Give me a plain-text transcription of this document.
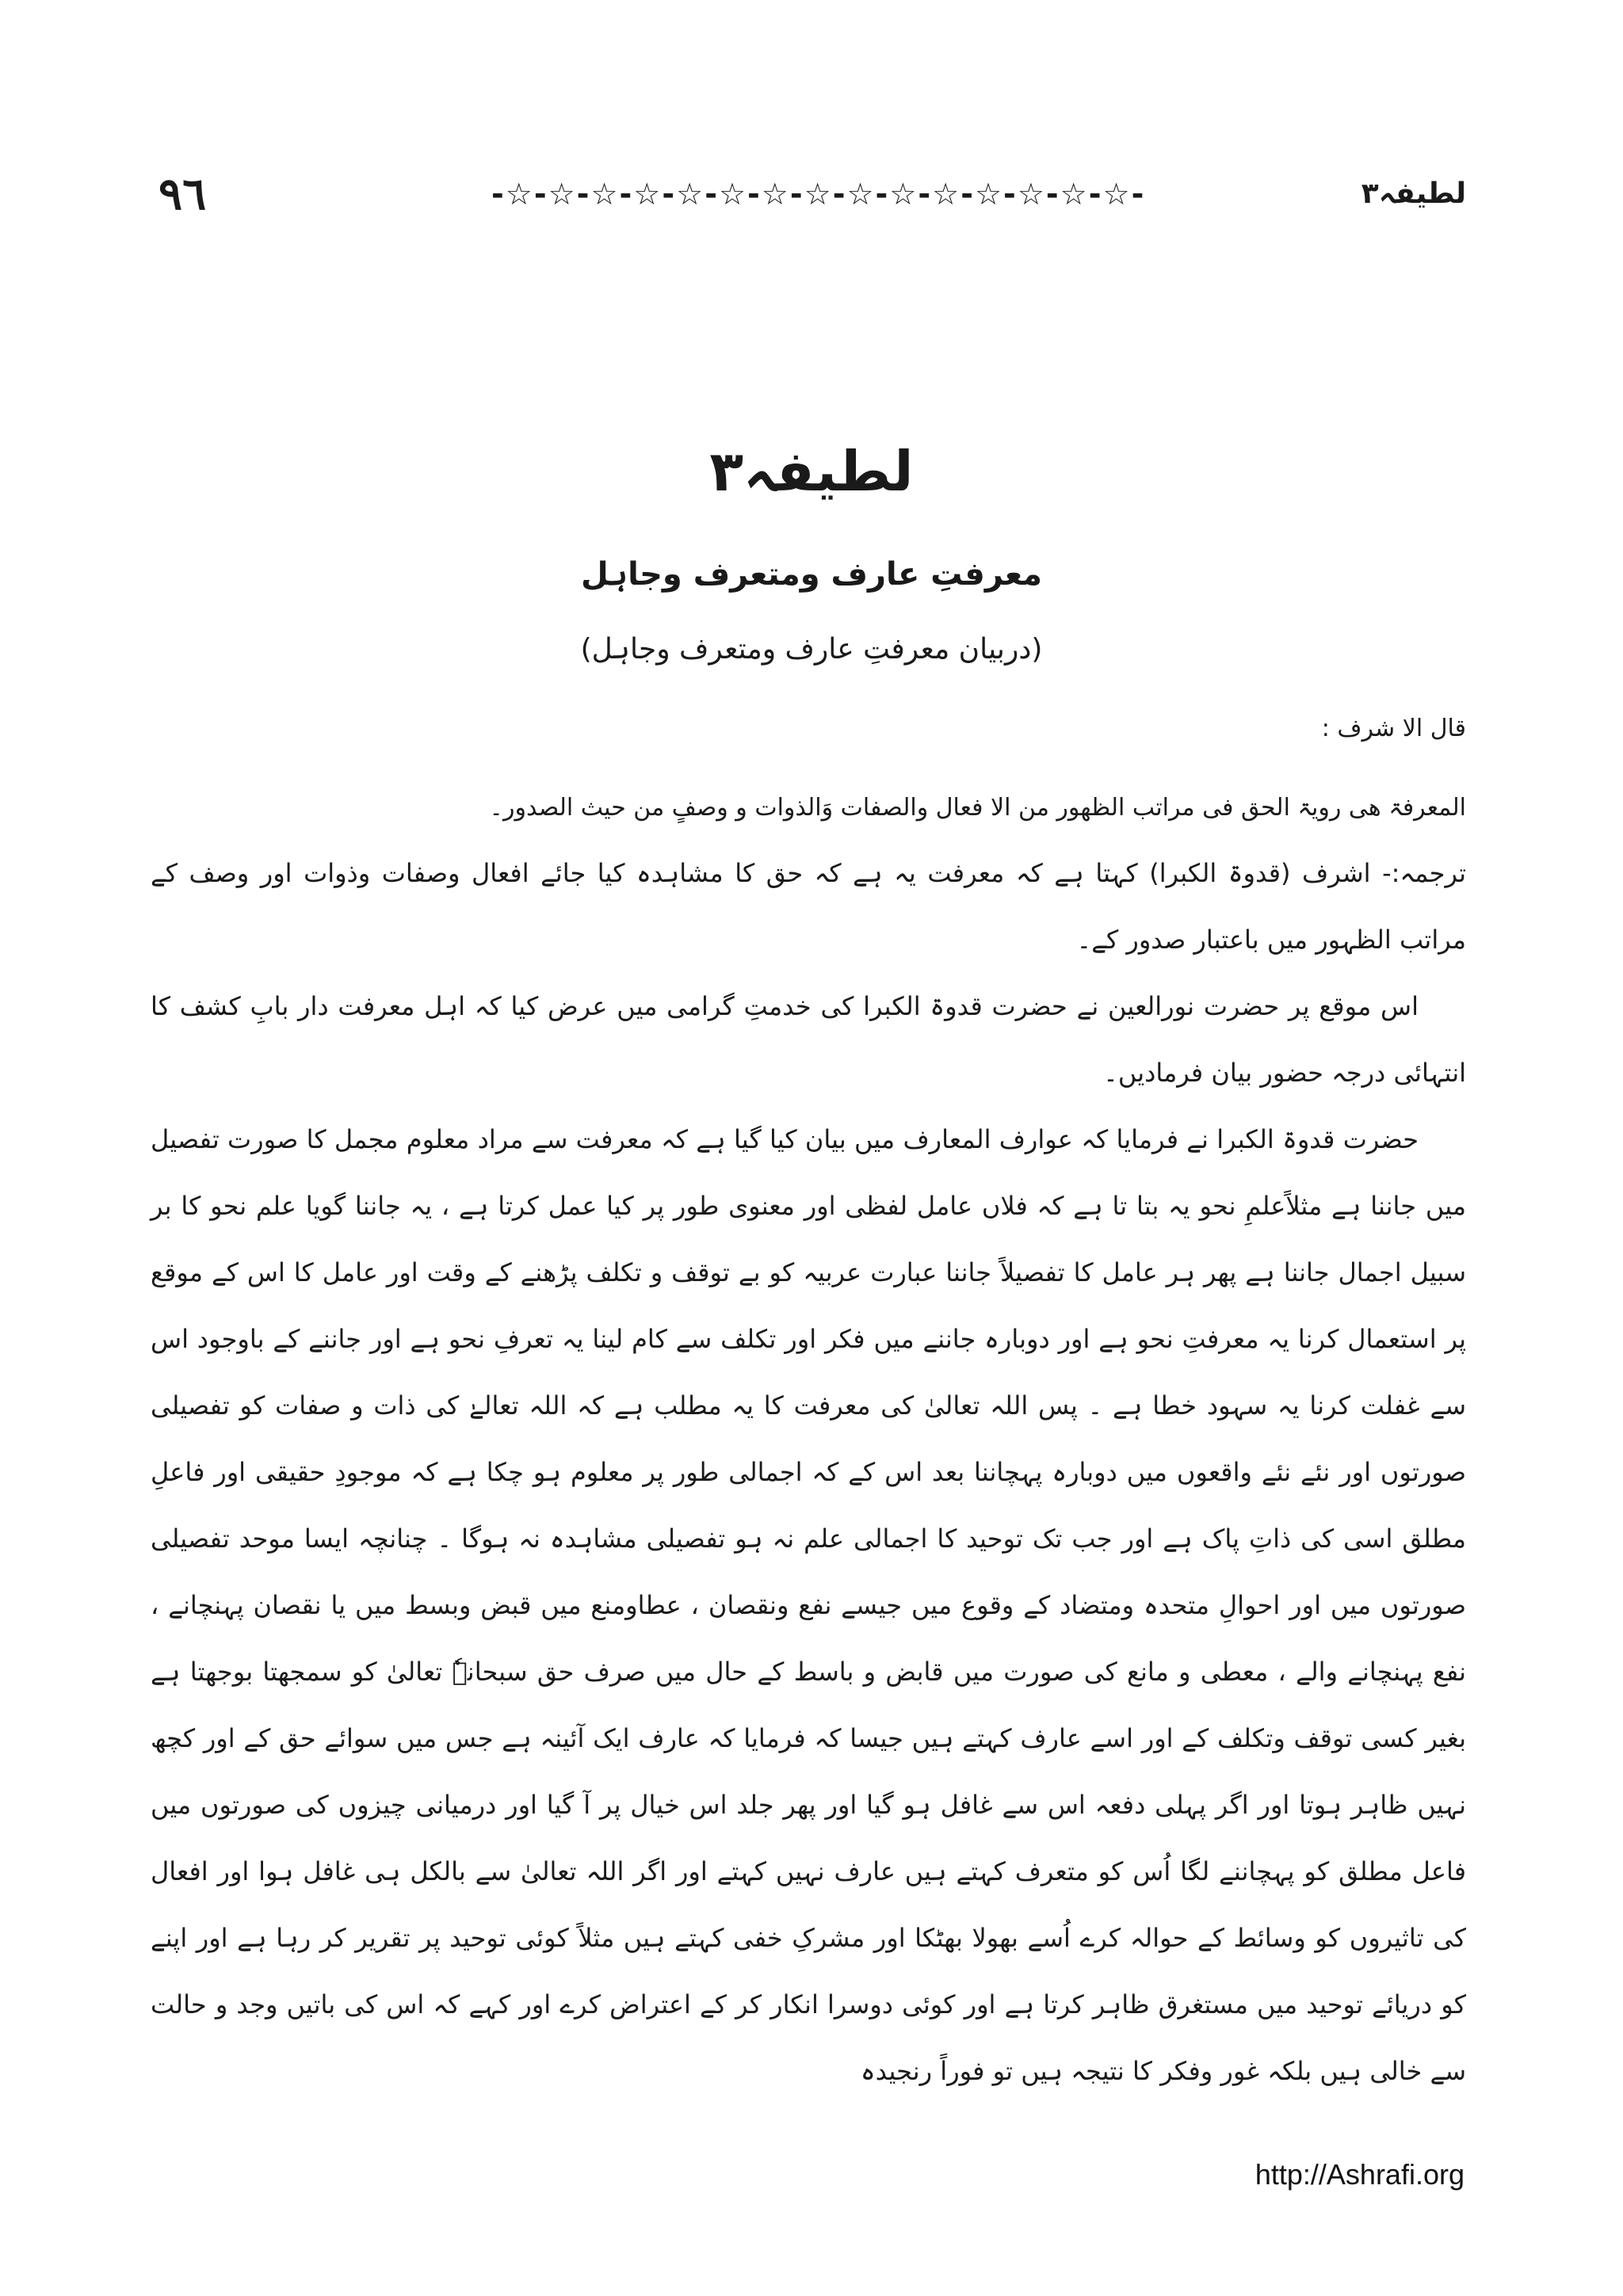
٩٦	-☆-☆-☆-☆-☆-☆-☆-☆-☆-☆-☆-☆-☆-☆-☆-	لطیفہ۳
لطیفہ۳
معرفتِ عارف ومتعرف وجاہل
(دربیان معرفتِ عارف ومتعرف وجاہل)

قال الا شرف :

المعرفۃ ھی رویۃ الحق فی مراتب الظھور من الا فعال والصفات وَالذوات و وصفٍ من حیث الصدور۔

ترجمہ:- اشرف (قدوۃ الکبرا) کہتا ہے کہ معرفت یہ ہے کہ حق کا مشاہدہ کیا جائے افعال وصفات وذوات اور وصف کے مراتب الظہور میں باعتبار صدور کے۔

اس موقع پر حضرت نورالعین نے حضرت قدوۃ الکبرا کی خدمتِ گرامی میں عرض کیا کہ اہل معرفت دار بابِ کشف کا انتہائی درجہ حضور بیان فرمادیں۔

حضرت قدوۃ الکبرا نے فرمایا کہ عوارف المعارف میں بیان کیا گیا ہے کہ معرفت سے مراد معلوم مجمل کا صورت تفصیل میں جاننا ہے مثلاًعلمِ نحو یہ بتا تا ہے کہ فلاں عامل لفظی اور معنوی طور پر کیا عمل کرتا ہے ، یہ جاننا گویا علم نحو کا بر سبیل اجمال جاننا ہے پھر ہر عامل کا تفصیلاً جاننا عبارت عربیہ کو بے توقف و تکلف پڑھنے کے وقت اور عامل کا اس کے موقع پر استعمال کرنا یہ معرفتِ نحو ہے اور دوبارہ جاننے میں فکر اور تکلف سے کام لینا یہ تعرفِ نحو ہے اور جاننے کے باوجود اس سے غفلت کرنا یہ سہود خطا ہے ۔ پس اللہ تعالیٰ کی معرفت کا یہ مطلب ہے کہ اللہ تعالےٰ کی ذات و صفات کو تفصیلی صورتوں اور نئے نئے واقعوں میں دوبارہ پہچاننا بعد اس کے کہ اجمالی طور پر معلوم ہو چکا ہے کہ موجودِ حقیقی اور فاعلِ مطلق اسی کی ذاتِ پاک ہے اور جب تک توحید کا اجمالی علم نہ ہو تفصیلی مشاہدہ نہ ہوگا ۔ چنانچہ ایسا موحد تفصیلی صورتوں میں اور احوالِ متحدہ ومتضاد کے وقوع میں جیسے نفع ونقصان ، عطاومنع میں قبض وبسط میں یا نقصان پہنچانے ، نفع پہنچانے والے ، معطی و مانع کی صورت میں قابض و باسط کے حال میں صرف حق سبحانہٗ تعالیٰ کو سمجھتا بوجھتا ہے بغیر کسی توقف وتکلف کے اور اسے عارف کہتے ہیں جیسا کہ فرمایا کہ عارف ایک آئینہ ہے جس میں سوائے حق کے اور کچھ نہیں ظاہر ہوتا اور اگر پہلی دفعہ اس سے غافل ہو گیا اور پھر جلد اس خیال پر آ گیا اور درمیانی چیزوں کی صورتوں میں فاعل مطلق کو پہچاننے لگا اُس کو متعرف کہتے ہیں عارف نہیں کہتے اور اگر اللہ تعالیٰ سے بالکل ہی غافل ہوا اور افعال کی تاثیروں کو وسائط کے حوالہ کرے اُسے بھولا بھٹکا اور مشرکِ خفی کہتے ہیں مثلاً کوئی توحید پر تقریر کر رہا ہے اور اپنے کو دریائے توحید میں مستغرق ظاہر کرتا ہے اور کوئی دوسرا انکار کر کے اعتراض کرے اور کہے کہ اس کی باتیں وجد و حالت سے خالی ہیں بلکہ غور وفکر کا نتیجہ ہیں تو فوراً رنجیدہ

http://Ashrafi.org
